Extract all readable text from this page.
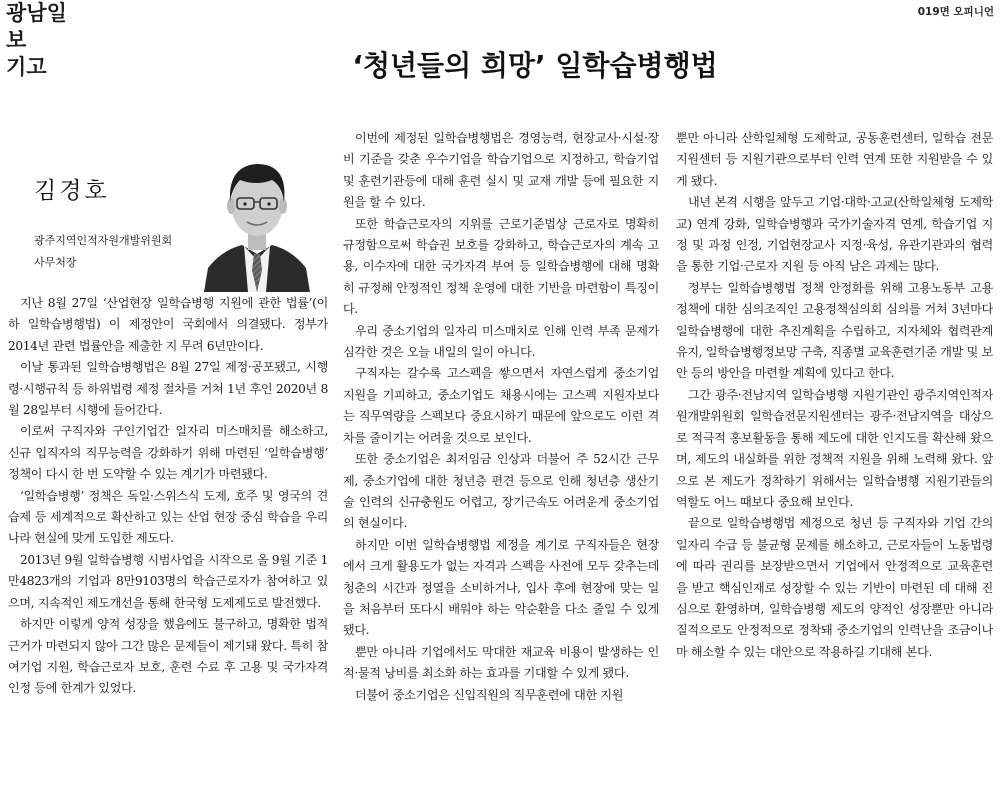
광남일보
기고
019면 오피니언
‘청년들의 희망’ 일학습병행법
김경호
광주지역인적자원개발위원회
사무처장

지난 8월 27일 ‘산업현장 일학습병행 지원에 관한 법률’(이하 일학습병행법) 이 제정안이 국회에서 의결됐다. 정부가 2014년 관련 법률안을 제출한 지 무려 6년만이다.

이날 통과된 일학습병행법은 8월 27일 제정·공포됐고, 시행령·시행규칙 등 하위법령 제정 절차를 거쳐 1년 후인 2020년 8월 28일부터 시행에 들어간다.

이로써 구직자와 구인기업간 일자리 미스매치를 해소하고, 신규 입직자의 직무능력을 강화하기 위해 마련된 ‘일학습병행’ 정책이 다시 한 번 도약할 수 있는 계기가 마련됐다.

‘일학습병행’ 정책은 독일·스위스식 도제, 호주 및 영국의 견습제 등 세계적으로 확산하고 있는 산업 현장 중심 학습을 우리나라 현실에 맞게 도입한 제도다.

2013년 9월 일학습병행 시범사업을 시작으로 올 9월 기준 1만4823개의 기업과 8만9103명의 학습근로자가 참여하고 있으며, 지속적인 제도개선을 통해 한국형 도제제도로 발전했다.

하지만 이렇게 양적 성장을 했음에도 불구하고, 명확한 법적 근거가 마련되지 않아 그간 많은 문제들이 제기돼 왔다. 특히 참여기업 지원, 학습근로자 보호, 훈련 수료 후 고용 및 국가자격 인정 등에 한계가 있었다.

이번에 제정된 일학습병행법은 경영능력, 현장교사·시설·장비 기준을 갖춘 우수기업을 학습기업으로 지정하고, 학습기업 및 훈련기관등에 대해 훈련 실시 및 교재 개발 등에 필요한 지원을 할 수 있다.

또한 학습근로자의 지위를 근로기준법상 근로자로 명확히 규정함으로써 학습권 보호를 강화하고, 학습근로자의 계속 고용, 이수자에 대한 국가자격 부여 등 일학습병행에 대해 명확히 규정해 안정적인 정책 운영에 대한 기반을 마련함이 특징이다.

우리 중소기업의 일자리 미스매치로 인해 인력 부족 문제가 심각한 것은 오늘 내일의 일이 아니다.

구직자는 갈수록 고스펙을 쌓으면서 자연스럽게 중소기업 지원을 기피하고, 중소기업도 채용시에는 고스펙 지원자보다는 직무역량을 스펙보다 중요시하기 때문에 앞으로도 이런 격차를 줄이기는 어려울 것으로 보인다.

또한 중소기업은 최저임금 인상과 더불어 주 52시간 근무제, 중소기업에 대한 청년층 편견 등으로 인해 청년층 생산기술 인력의 신규충원도 어렵고, 장기근속도 어려운게 중소기업의 현실이다.

하지만 이번 일학습병행법 제정을 계기로 구직자들은 현장에서 크게 활용도가 없는 자격과 스펙을 사전에 모두 갖추는데 청춘의 시간과 정열을 소비하거나, 입사 후에 현장에 맞는 일을 처음부터 또다시 배워야 하는 악순환을 다소 줄일 수 있게 됐다.

뿐만 아니라 기업에서도 막대한 재교육 비용이 발생하는 인적·물적 낭비를 최소화 하는 효과를 기대할 수 있게 됐다.

더불어 중소기업은 신입직원의 직무훈련에 대한 지원

뿐만 아니라 산학일체형 도제학교, 공동훈련센터, 일학습 전문지원센터 등 지원기관으로부터 인력 연계 또한 지원받을 수 있게 됐다.

내년 본격 시행을 앞두고 기업·대학·고교(산학일체형 도제학교) 연계 강화, 일학습병행과 국가기술자격 연계, 학습기업 지정 및 과정 인정, 기업현장교사 지정·육성, 유관기관과의 협력을 통한 기업·근로자 지원 등 아직 남은 과제는 많다.

정부는 일학습병행법 정책 안정화를 위해 고용노동부 고용정책에 대한 심의조직인 고용정책심의회 심의를 거쳐 3년마다 일학습병행에 대한 추진계획을 수립하고, 지자체와 협력관계 유지, 일학습병행정보망 구축, 직종별 교육훈련기준 개발 및 보안 등의 방안을 마련할 계획에 있다고 한다.

그간 광주·전남지역 일학습병행 지원기관인 광주지역인적자원개발위원회 일학습전문지원센터는 광주·전남지역을 대상으로 적극적 홍보활동을 통해 제도에 대한 인지도를 확산해 왔으며, 제도의 내실화를 위한 정책적 지원을 위해 노력해 왔다. 앞으로 본 제도가 정착하기 위해서는 일학습병행 지원기관들의 역할도 어느 때보다 중요해 보인다.

끝으로 일학습병행법 제정으로 청년 등 구직자와 기업 간의 일자리 수급 등 불균형 문제를 해소하고, 근로자들이 노동법령에 따라 권리를 보장받으면서 기업에서 안정적으로 교육훈련을 받고 핵심인재로 성장할 수 있는 기반이 마련된 데 대해 진심으로 환영하며, 일학습병행 제도의 양적인 성장뿐만 아니라 질적으로도 안정적으로 정착돼 중소기업의 인력난을 조금이나마 해소할 수 있는 대안으로 작용하길 기대해 본다.
